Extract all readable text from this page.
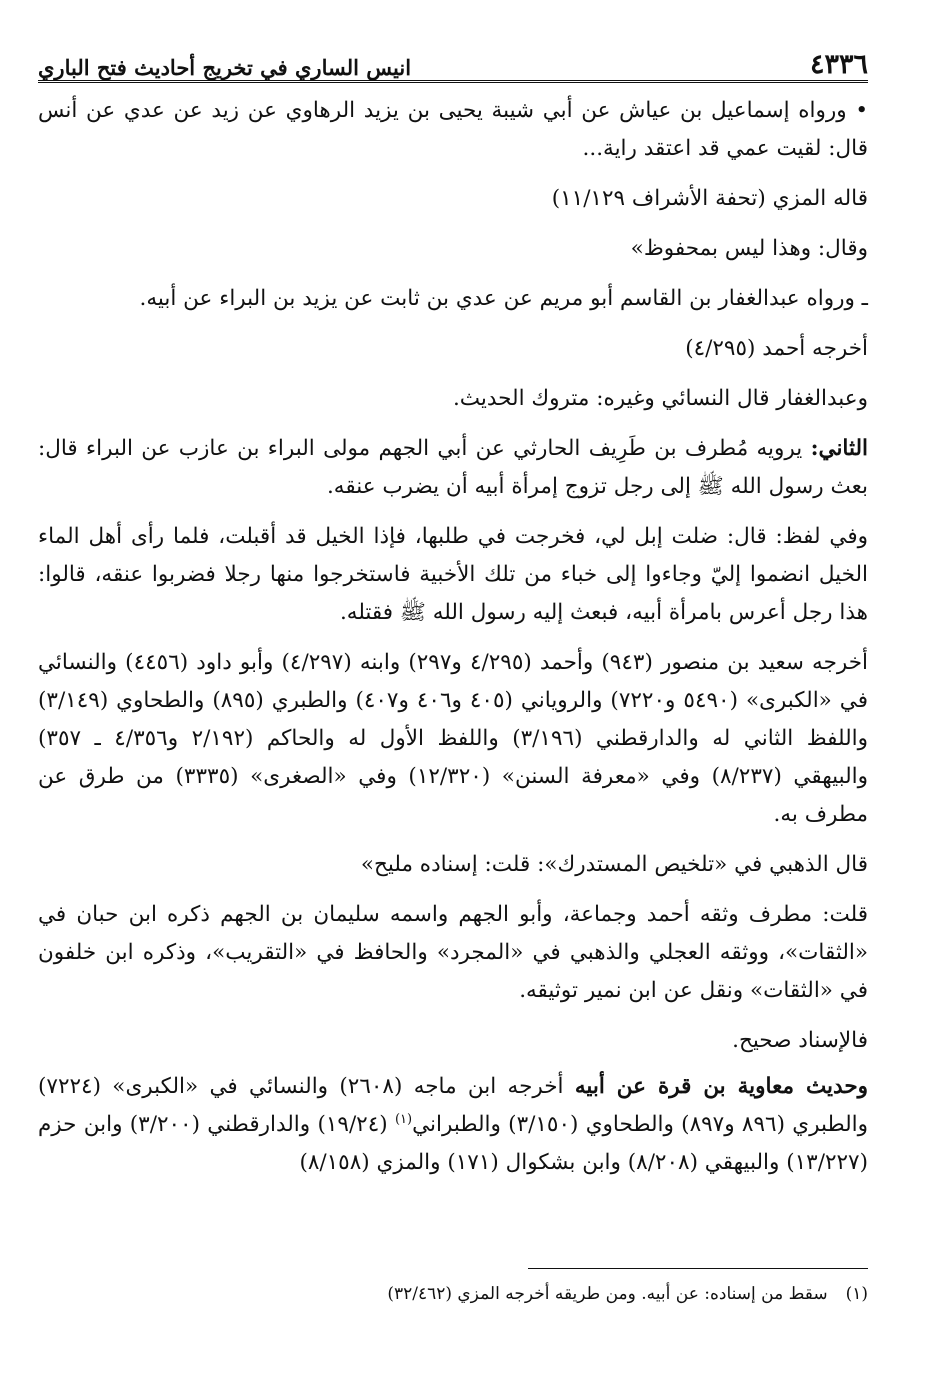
٤٣٣٦
انيس الساري في تخريج أحاديث فتح الباري

• ورواه إسماعيل بن عياش عن أبي شيبة يحيى بن يزيد الرهاوي عن زيد عن عدي عن أنس قال: لقيت عمي قد اعتقد راية...

قاله المزي (تحفة الأشراف ١١/١٢٩)

وقال: وهذا ليس بمحفوظ»

ـ ورواه عبدالغفار بن القاسم أبو مريم عن عدي بن ثابت عن يزيد بن البراء عن أبيه.

أخرجه أحمد (٤/٢٩٥)

وعبدالغفار قال النسائي وغيره: متروك الحديث.

الثاني: يرويه مُطرف بن طَرِيف الحارثي عن أبي الجهم مولى البراء بن عازب عن البراء قال: بعث رسول الله ﷺ إلى رجل تزوج إمرأة أبيه أن يضرب عنقه.

وفي لفظ: قال: ضلت إبل لي، فخرجت في طلبها، فإذا الخيل قد أقبلت، فلما رأى أهل الماء الخيل انضموا إليّ وجاءوا إلى خباء من تلك الأخبية فاستخرجوا منها رجلا فضربوا عنقه، قالوا: هذا رجل أعرس بامرأة أبيه، فبعث إليه رسول الله ﷺ فقتله.

أخرجه سعيد بن منصور (٩٤٣) وأحمد (٤/٢٩٥ و٢٩٧) وابنه (٤/٢٩٧) وأبو داود (٤٤٥٦) والنسائي في «الكبرى» (٥٤٩٠ و٧٢٢٠) والروياني (٤٠٥ و٤٠٦ و٤٠٧) والطبري (٨٩٥) والطحاوي (٣/١٤٩) واللفظ الثاني له والدارقطني (٣/١٩٦) واللفظ الأول له والحاكم (٢/١٩٢ و٤/٣٥٦ ـ ٣٥٧) والبيهقي (٨/٢٣٧) وفي «معرفة السنن» (١٢/٣٢٠) وفي «الصغرى» (٣٣٣٥) من طرق عن مطرف به.

قال الذهبي في «تلخيص المستدرك»: قلت: إسناده مليح»

قلت: مطرف وثقه أحمد وجماعة، وأبو الجهم واسمه سليمان بن الجهم ذكره ابن حبان في «الثقات»، ووثقه العجلي والذهبي في «المجرد» والحافظ في «التقريب»، وذكره ابن خلفون في «الثقات» ونقل عن ابن نمير توثيقه.

فالإسناد صحيح.

وحديث معاوية بن قرة عن أبيه أخرجه ابن ماجه (٢٦٠٨) والنسائي في «الكبرى» (٧٢٢٤) والطبري (٨٩٦ و٨٩٧) والطحاوي (٣/١٥٠) والطبراني$^{(١)}$ (١٩/٢٤) والدارقطني (٣/٢٠٠) وابن حزم (١٣/٢٢٧) والبيهقي (٨/٢٠٨) وابن بشكوال (١٧١) والمزي (٨/١٥٨)

(١)سقط من إسناده: عن أبيه. ومن طريقه أخرجه المزي (٣٢/٤٦٢)
